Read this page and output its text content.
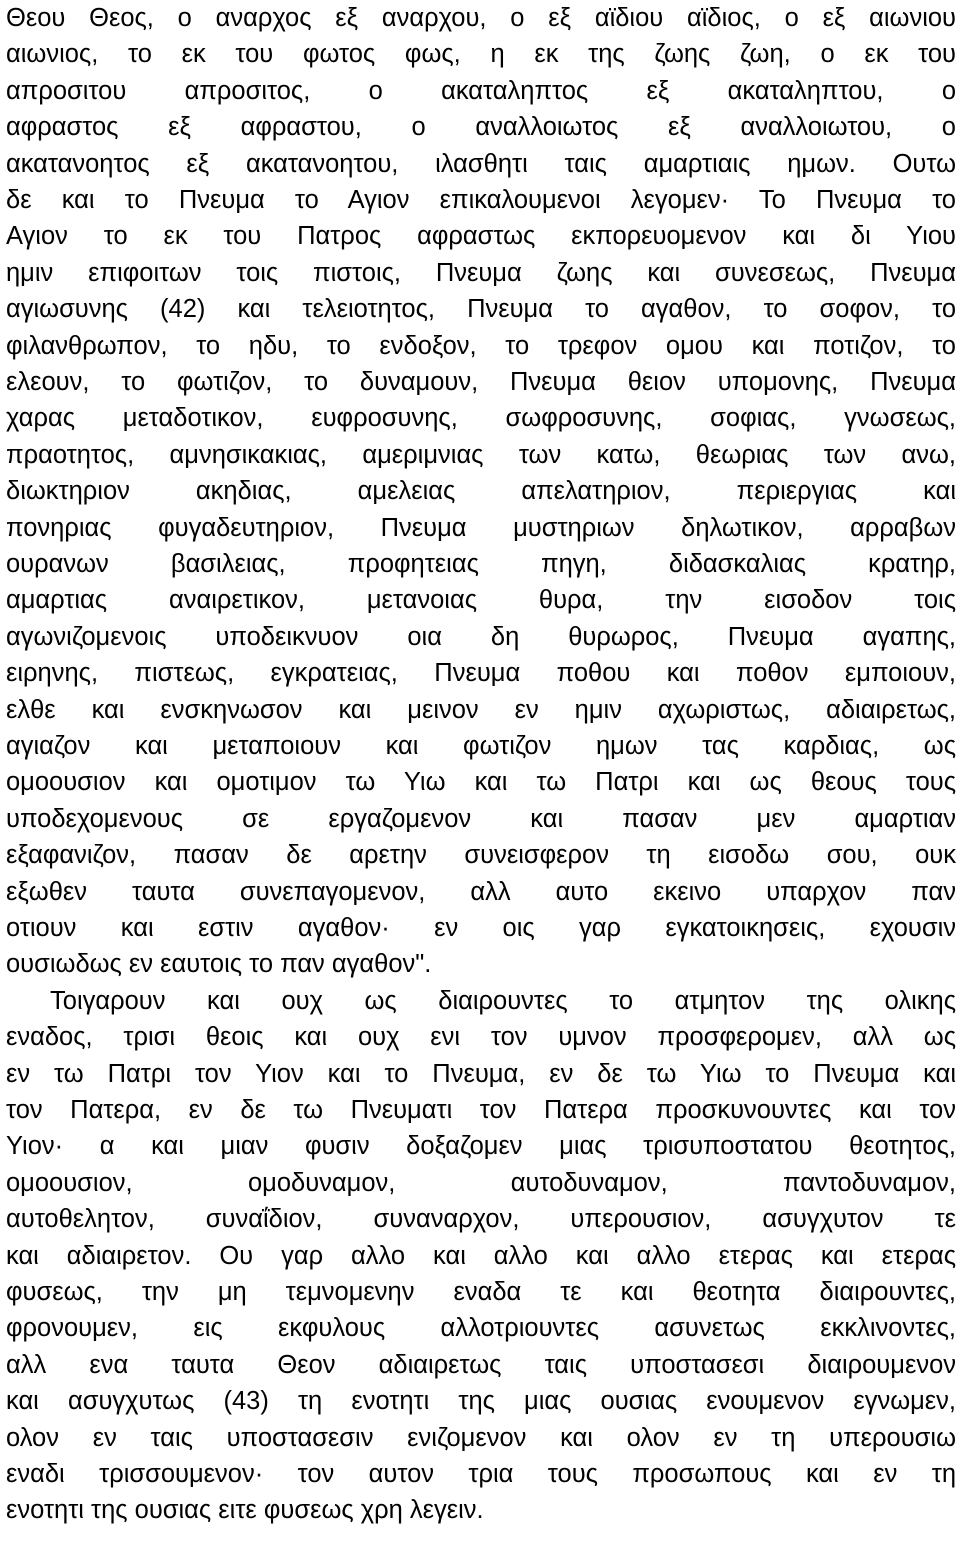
Θεου Θεος, ο αναρχος εξ αναρχου, ο εξ αϊδιου αϊδιος, ο εξ αιωνιου
αιωνιος, το εκ του φωτος φως, η εκ της ζωης ζωη, ο εκ του
απροσιτου απροσιτος, ο ακαταληπτος εξ ακαταληπτου, ο
αφραστος εξ αφραστου, ο αναλλοιωτος εξ αναλλοιωτου, ο
ακατανοητος εξ ακατανοητου, ιλασθητι ταις αμαρτιαις ημων. Ουτω
δε και το Πνευμα το Αγιον επικαλουμενοι λεγομεν· Το Πνευμα το
Αγιον το εκ του Πατρος αφραστως εκπορευομενον και δι Υιου
ημιν επιφοιτων τοις πιστοις, Πνευμα ζωης και συνεσεως, Πνευμα
αγιωσυνης (42) και τελειοτητος, Πνευμα το αγαθον, το σοφον, το
φιλανθρωπον, το ηδυ, το ενδοξον, το τρεφον ομου και ποτιζον, το
ελεουν, το φωτιζον, το δυναμουν, Πνευμα θειον υπομονης, Πνευμα
χαρας μεταδοτικον, ευφροσυνης, σωφροσυνης, σοφιας, γνωσεως,
πραοτητος, αμνησικακιας, αμεριμνιας των κατω, θεωριας των ανω,
διωκτηριον ακηδιας, αμελειας απελατηριον, περιεργιας και
πονηριας φυγαδευτηριον, Πνευμα μυστηριων δηλωτικον, αρραβων
ουρανων βασιλειας, προφητειας πηγη, διδασκαλιας κρατηρ,
αμαρτιας αναιρετικον, μετανοιας θυρα, την εισοδον τοις
αγωνιζομενοις υποδεικνυον οια δη θυρωρος, Πνευμα αγαπης,
ειρηνης, πιστεως, εγκρατειας, Πνευμα ποθου και ποθον εμποιουν,
ελθε και ενσκηνωσον και μεινον εν ημιν αχωριστως, αδιαιρετως,
αγιαζον και μεταποιουν και φωτιζον ημων τας καρδιας, ως
ομοουσιον και ομοτιμον τω Υιω και τω Πατρι και ως θεους τους
υποδεχομενους σε εργαζομενον και πασαν μεν αμαρτιαν
εξαφανιζον, πασαν δε αρετην συνεισφερον τη εισοδω σου, ουκ
εξωθεν ταυτα συνεπαγομενον, αλλ αυτο εκεινο υπαρχον παν
οτιουν και εστιν αγαθον· εν οις γαρ εγκατοικησεις, εχουσιν
ουσιωδως εν εαυτοις το παν αγαθον".
Τοιγαρουν και ουχ ως διαιρουντες το ατμητον της ολικης
εναδος, τρισι θεοις και ουχ ενι τον υμνον προσφερομεν, αλλ ως
εν τω Πατρι τον Υιον και το Πνευμα, εν δε τω Υιω το Πνευμα και
τον Πατερα, εν δε τω Πνευματι τον Πατερα προσκυνουντες και τον
Υιον· α και μιαν φυσιν δοξαζομεν μιας τρισυποστατου θεοτητος,
ομοουσιον, ομοδυναμον, αυτοδυναμον, παντοδυναμον,
αυτοθελητον, συναΐδιον, συναναρχον, υπερουσιον, ασυγχυτον τε
και αδιαιρετον. Ου γαρ αλλο και αλλο και αλλο ετερας και ετερας
φυσεως, την μη τεμνομενην εναδα τε και θεοτητα διαιρουντες,
φρονουμεν, εις εκφυλους αλλοτριουντες ασυνετως εκκλινοντες,
αλλ ενα ταυτα Θεον αδιαιρετως ταις υποστασεσι διαιρουμενον
και ασυγχυτως (43) τη ενοτητι της μιας ουσιας ενουμενον εγνωμεν,
ολον εν ταις υποστασεσιν ενιζομενον και ολον εν τη υπερουσιω
εναδι τρισσουμενον· τον αυτον τρια τους προσωπους και εν τη
ενοτητι της ουσιας ειτε φυσεως χρη λεγειν.
